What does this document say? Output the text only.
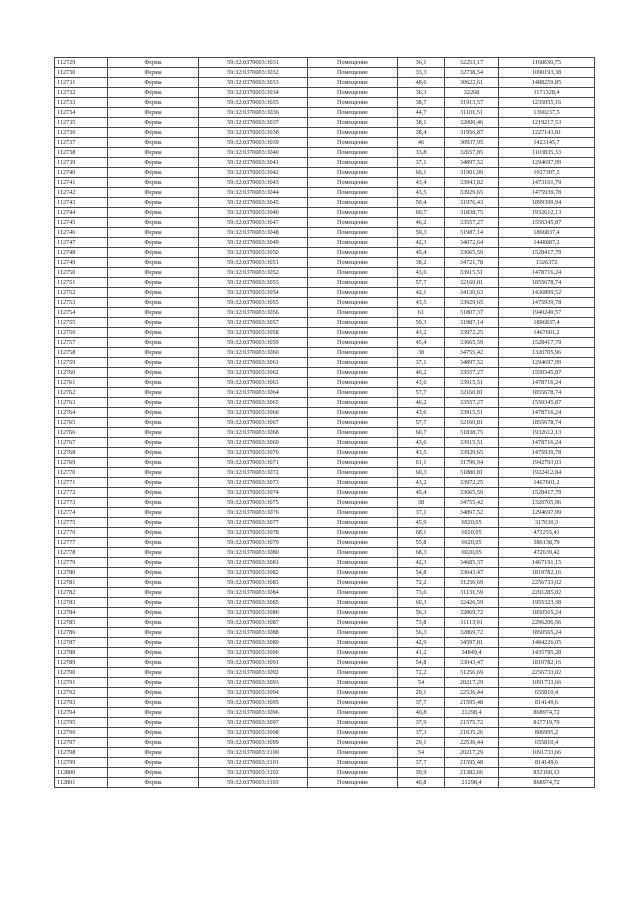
112729	Ферма	59:32:0370003:3031	Помещение	36,1	32253,17	1168650,75
112730	Ферма	59:32:0370003:3032	Помещение	33,3	32738,54	1090193,38
112731	Ферма	59:32:0370003:3033	Помещение	48,6	30622,61	1488259,85
112732	Ферма	59:32:0370003:3034	Помещение	36,3	32268	1171328,4
112733	Ферма	59:32:0370003:3035	Помещение	38,7	31913,57	1235055,16
112734	Ферма	59:32:0370003:3036	Помещение	44,7	31101,51	1390237,5
112735	Ферма	59:32:0370003:3037	Помещение	38,1	32000,46	1219217,53
112736	Ферма	59:32:0370003:3038	Помещение	38,4	31956,87	1227143,81
112737	Ферма	59:32:0370003:3039	Помещение	46	30937,95	1423145,7
112738	Ферма	59:32:0370003:3040	Помещение	33,8	32657,85	1103835,33
112739	Ферма	59:32:0370003:3041	Помещение	37,1	34897,52	1294697,99
112740	Ферма	59:32:0370003:3042	Помещение	60,1	31901,99	1917307,5
112741	Ферма	59:32:0370003:3043	Помещение	43,4	33943,82	1473161,79
112742	Ферма	59:32:0370003:3044	Помещение	43,5	33929,65	1475939,78
112743	Ферма	59:32:0370003:3045	Помещение	59,4	31976,43	1899399,94
112744	Ферма	59:32:0370003:3046	Помещение	60,7	31838,75	1932612,13
112745	Ферма	59:32:0370003:3047	Помещение	46,2	33557,27	1550345,87
112746	Ферма	59:32:0370003:3048	Помещение	59,3	31987,14	1896837,4
112747	Ферма	59:32:0370003:3049	Помещение	42,3	34072,64	1448087,2
112748	Ферма	59:32:0370003:3050	Помещение	45,4	33665,59	1528417,79
112749	Ферма	59:32:0370003:3051	Помещение	38,2	34721,78	1326372
112750	Ферма	59:32:0370003:3052	Помещение	43,6	33915,51	1478716,24
112751	Ферма	59:32:0370003:3053	Помещение	57,7	32160,81	1855678,74
112752	Ферма	59:32:0370003:3054	Помещение	42,1	34130,63	1436899,52
112753	Ферма	59:32:0370003:3055	Помещение	43,5	33929,65	1475939,78
112754	Ферма	59:32:0370003:3056	Помещение	61	31807,37	1940249,57
112755	Ферма	59:32:0370003:3057	Помещение	59,3	31987,14	1896837,4
112756	Ферма	59:32:0370003:3058	Помещение	43,2	33972,25	1467601,2
112757	Ферма	59:32:0370003:3059	Помещение	45,4	33665,59	1528417,79
112758	Ферма	59:32:0370003:3060	Помещение	38	34755,42	1320705,96
112759	Ферма	59:32:0370003:3061	Помещение	37,1	34897,52	1294697,99
112760	Ферма	59:32:0370003:3062	Помещение	46,2	33557,27	1550345,87
112761	Ферма	59:32:0370003:3063	Помещение	43,6	33915,51	1478716,24
112762	Ферма	59:32:0370003:3064	Помещение	57,7	32160,81	1855678,74
112763	Ферма	59:32:0370003:3065	Помещение	46,2	33557,27	1550345,87
112764	Ферма	59:32:0370003:3066	Помещение	43,6	33915,51	1478716,24
112765	Ферма	59:32:0370003:3067	Помещение	57,7	32160,81	1855678,74
112766	Ферма	59:32:0370003:3068	Помещение	60,7	31838,75	1932612,13
112767	Ферма	59:32:0370003:3069	Помещение	43,6	33915,51	1478716,24
112768	Ферма	59:32:0370003:3070	Помещение	43,5	33929,65	1475939,78
112769	Ферма	59:32:0370003:3071	Помещение	61,1	31796,94	1942793,03
112770	Ферма	59:32:0370003:3072	Помещение	60,3	31880,81	1922412,84
112771	Ферма	59:32:0370003:3073	Помещение	43,2	33972,25	1467601,2
112772	Ферма	59:32:0370003:3074	Помещение	45,4	33665,59	1528417,79
112773	Ферма	59:32:0370003:3075	Помещение	38	34755,42	1320705,96
112774	Ферма	59:32:0370003:3076	Помещение	37,1	34897,52	1294697,99
112775	Ферма	59:32:0370003:3077	Помещение	45,9	6920,05	317630,3
112776	Ферма	59:32:0370003:3078	Помещение	68,1	6920,05	471255,41
112777	Ферма	59:32:0370003:3079	Помещение	55,8	6920,05	386138,79
112778	Ферма	59:32:0370003:3080	Помещение	68,3	6920,05	472639,42
112779	Ферма	59:32:0370003:3081	Помещение	42,3	34685,37	1467191,15
112780	Ферма	59:32:0370003:3082	Помещение	54,8	33043,47	1810782,16
112781	Ферма	59:32:0370003:3083	Помещение	72,2	31256,69	2256733,02
112782	Ферма	59:32:0370003:3084	Помещение	73,6	31131,59	2291285,02
112783	Ферма	59:32:0370003:3085	Помещение	60,3	32426,59	1955323,38
112784	Ферма	59:32:0370003:3086	Помещение	56,3	32869,72	1850565,24
112785	Ферма	59:32:0370003:3087	Помещение	73,8	31113,91	2296206,56
112786	Ферма	59:32:0370003:3088	Помещение	56,3	32869,72	1850565,24
112787	Ферма	59:32:0370003:3089	Помещение	42,9	34597,81	1484226,05
112788	Ферма	59:32:0370003:3090	Помещение	41,2	34849,4	1435795,28
112789	Ферма	59:32:0370003:3091	Помещение	54,8	33043,47	1810782,16
112790	Ферма	59:32:0370003:3092	Помещение	72,2	31256,69	2256733,02
112791	Ферма	59:32:0370003:3093	Помещение	54	20217,29	1091733,66
112792	Ферма	59:32:0370003:3094	Помещение	29,1	22536,44	655810,4
112793	Ферма	59:32:0370003:3095	Помещение	37,7	21595,48	814149,6
112794	Ферма	59:32:0370003:3096	Помещение	40,8	21298,4	868974,72
112795	Ферма	59:32:0370003:3097	Помещение	37,9	21575,72	817719,79
112796	Ферма	59:32:0370003:3098	Помещение	37,3	21635,26	806995,2
112797	Ферма	59:32:0370003:3099	Помещение	29,1	22536,44	655810,4
112798	Ферма	59:32:0370003:3100	Помещение	54	20217,29	1091733,66
112799	Ферма	59:32:0370003:3101	Помещение	37,7	21595,48	814149,6
112800	Ферма	59:32:0370003:3102	Помещение	39,9	21382,66	853168,13
112801	Ферма	59:32:0370003:3103	Помещение	40,8	21298,4	868974,72
